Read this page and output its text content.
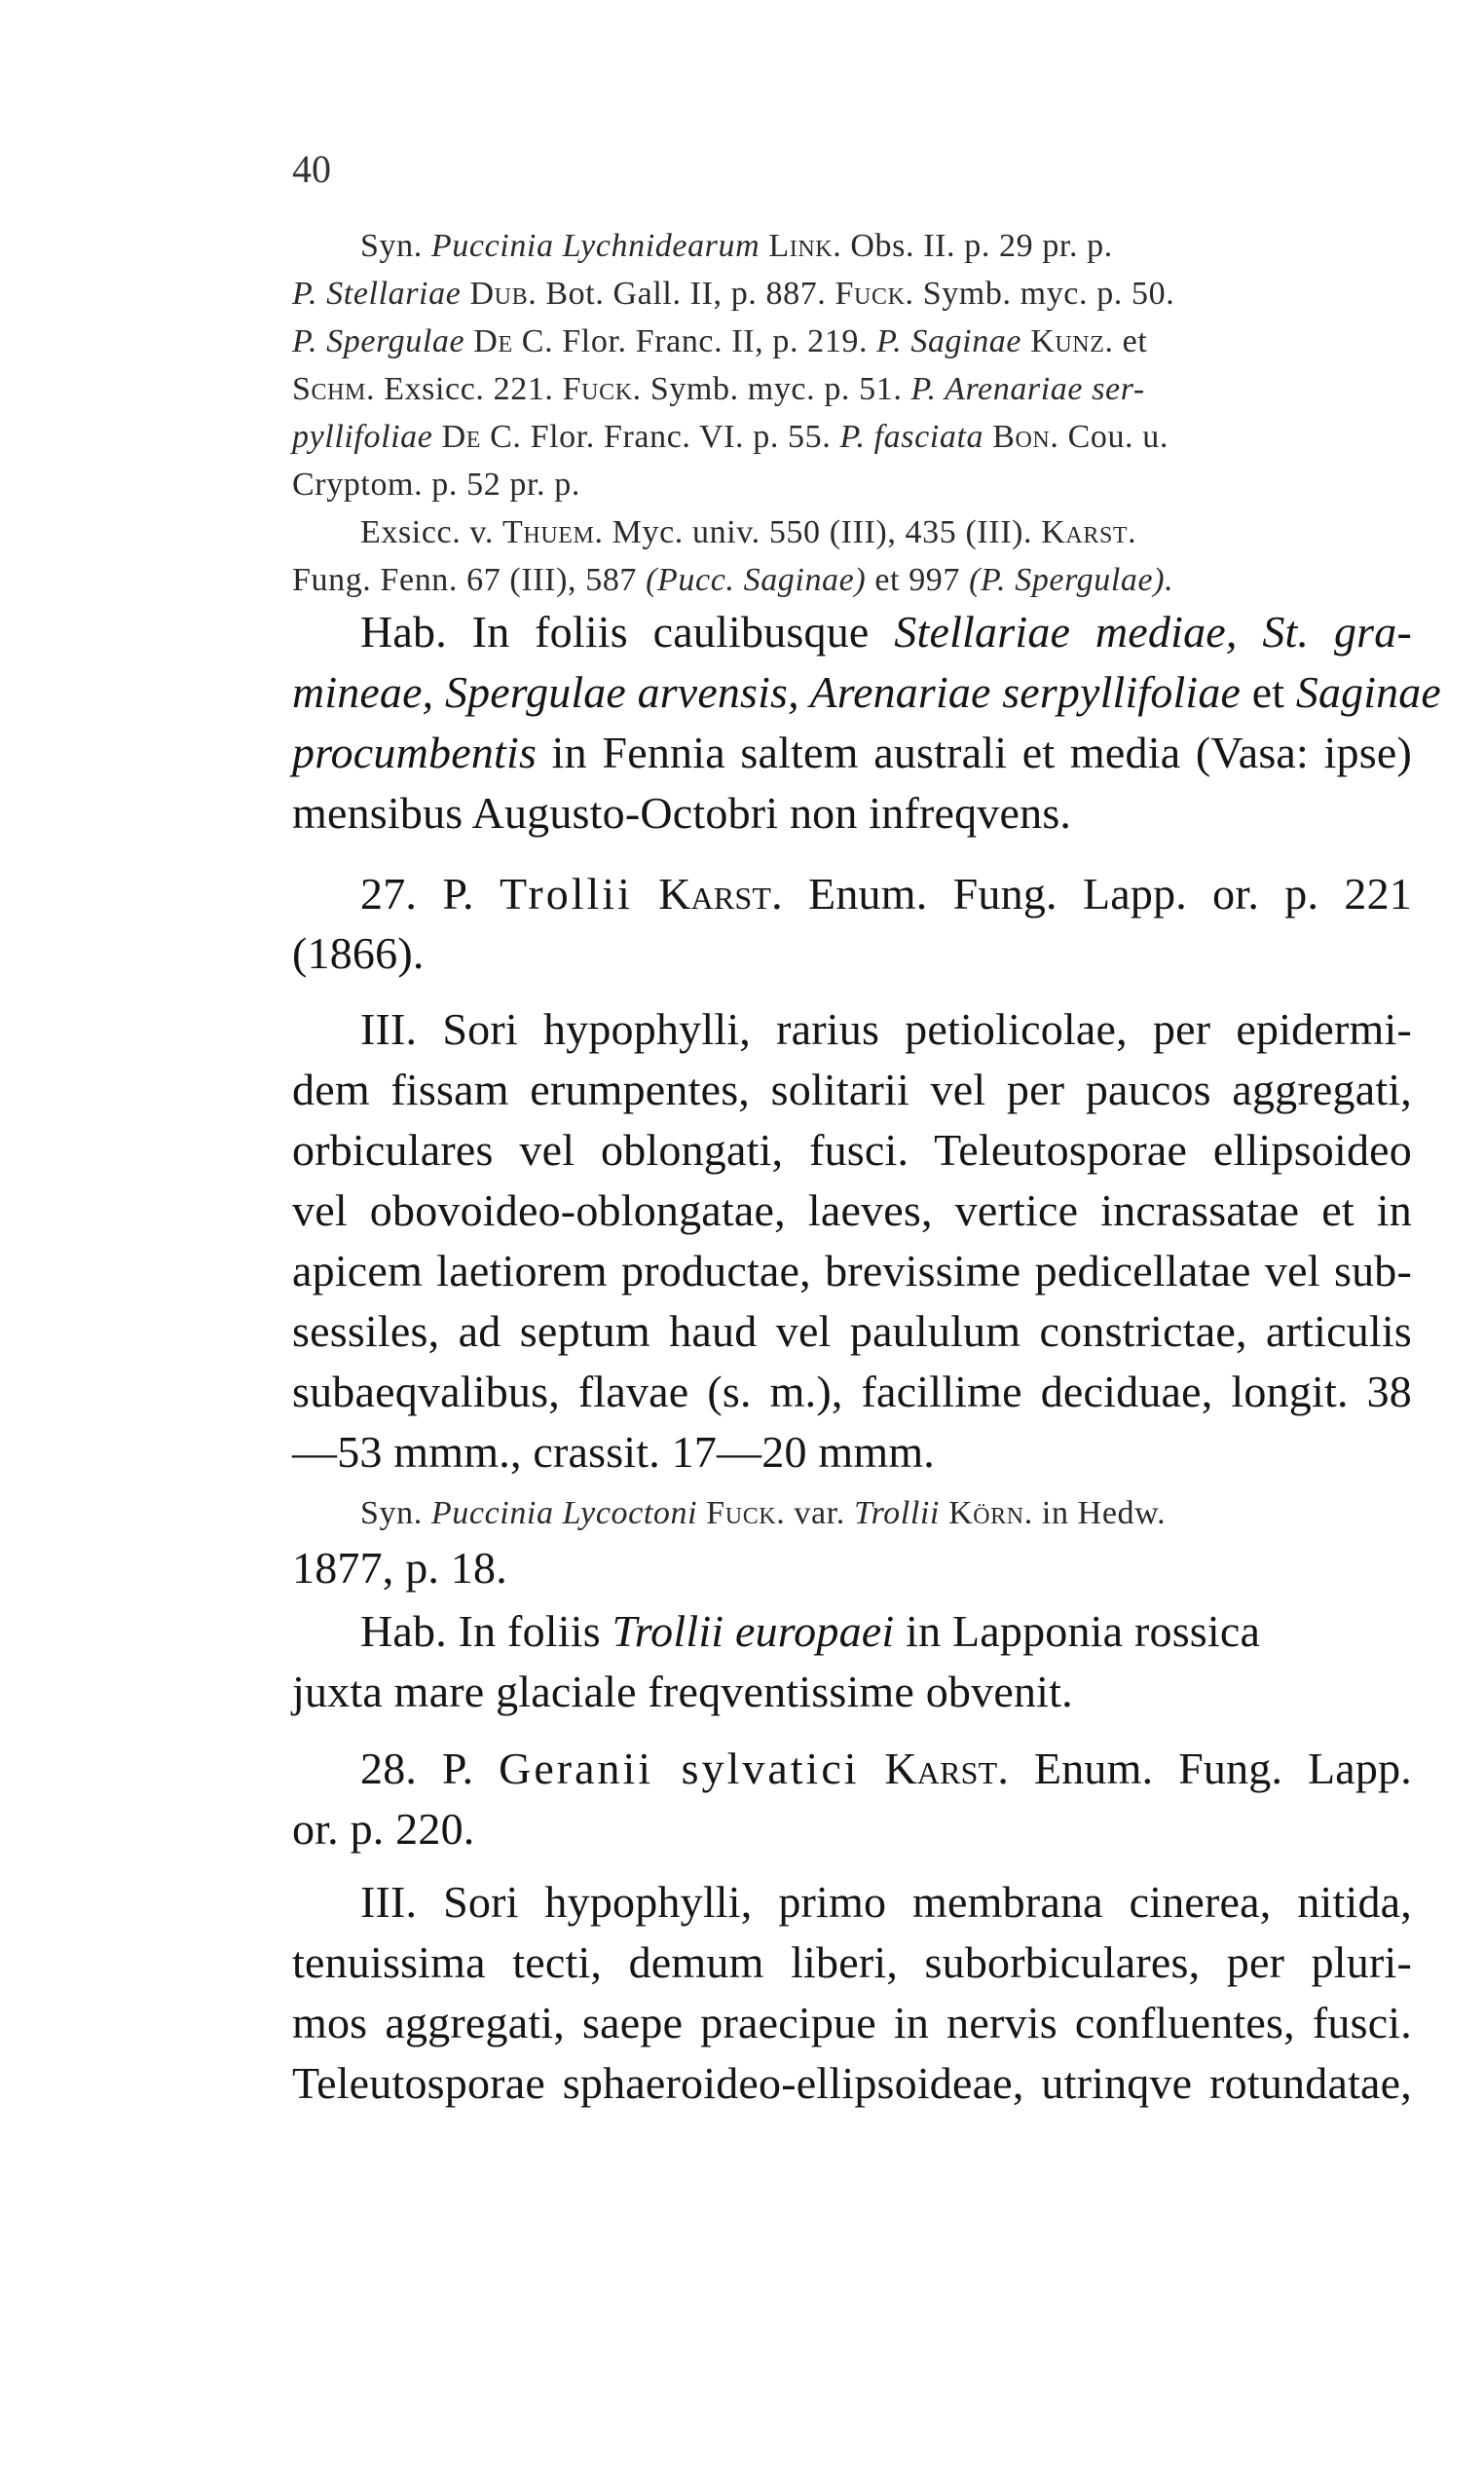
40
Syn. Puccinia Lychnidearum Link. Obs. II. p. 29 pr. p.
P. Stellariae Dub. Bot. Gall. II, p. 887. Fuck. Symb. myc. p. 50.
P. Spergulae De C. Flor. Franc. II, p. 219. P. Saginae Kunz. et
Schm. Exsicc. 221. Fuck. Symb. myc. p. 51. P. Arenariae ser-
pyllifoliae De C. Flor. Franc. VI. p. 55. P. fasciata Bon. Cou. u.
Cryptom. p. 52 pr. p.
Exsicc. v. Thuem. Myc. univ. 550 (III), 435 (III). Karst.
Fung. Fenn. 67 (III), 587 (Pucc. Saginae) et 997 (P. Spergulae).
Hab. In foliis caulibusque Stellariae mediae, St. gra-
mineae, Spergulae arvensis, Arenariae serpyllifoliae et Saginae
procumbentis in Fennia saltem australi et media (Vasa: ipse)
mensibus Augusto-Octobri non infreqvens.
27. P. Trollii Karst. Enum. Fung. Lapp. or. p. 221
(1866).
III. Sori hypophylli, rarius petiolicolae, per epidermi-
dem fissam erumpentes, solitarii vel per paucos aggregati,
orbiculares vel oblongati, fusci. Teleutosporae ellipsoideo
vel obovoideo-oblongatae, laeves, vertice incrassatae et in
apicem laetiorem productae, brevissime pedicellatae vel sub-
sessiles, ad septum haud vel paululum constrictae, articulis
subaeqvalibus, flavae (s. m.), facillime deciduae, longit. 38
—53 mmm., crassit. 17—20 mmm.
Syn. Puccinia Lycoctoni Fuck. var. Trollii Körn. in Hedw.
1877, p. 18.
Hab. In foliis Trollii europaei in Lapponia rossica
juxta mare glaciale freqventissime obvenit.
28. P. Geranii sylvatici Karst. Enum. Fung. Lapp.
or. p. 220.
III. Sori hypophylli, primo membrana cinerea, nitida,
tenuissima tecti, demum liberi, suborbiculares, per pluri-
mos aggregati, saepe praecipue in nervis confluentes, fusci.
Teleutosporae sphaeroideo-ellipsoideae, utrinqve rotundatae,
